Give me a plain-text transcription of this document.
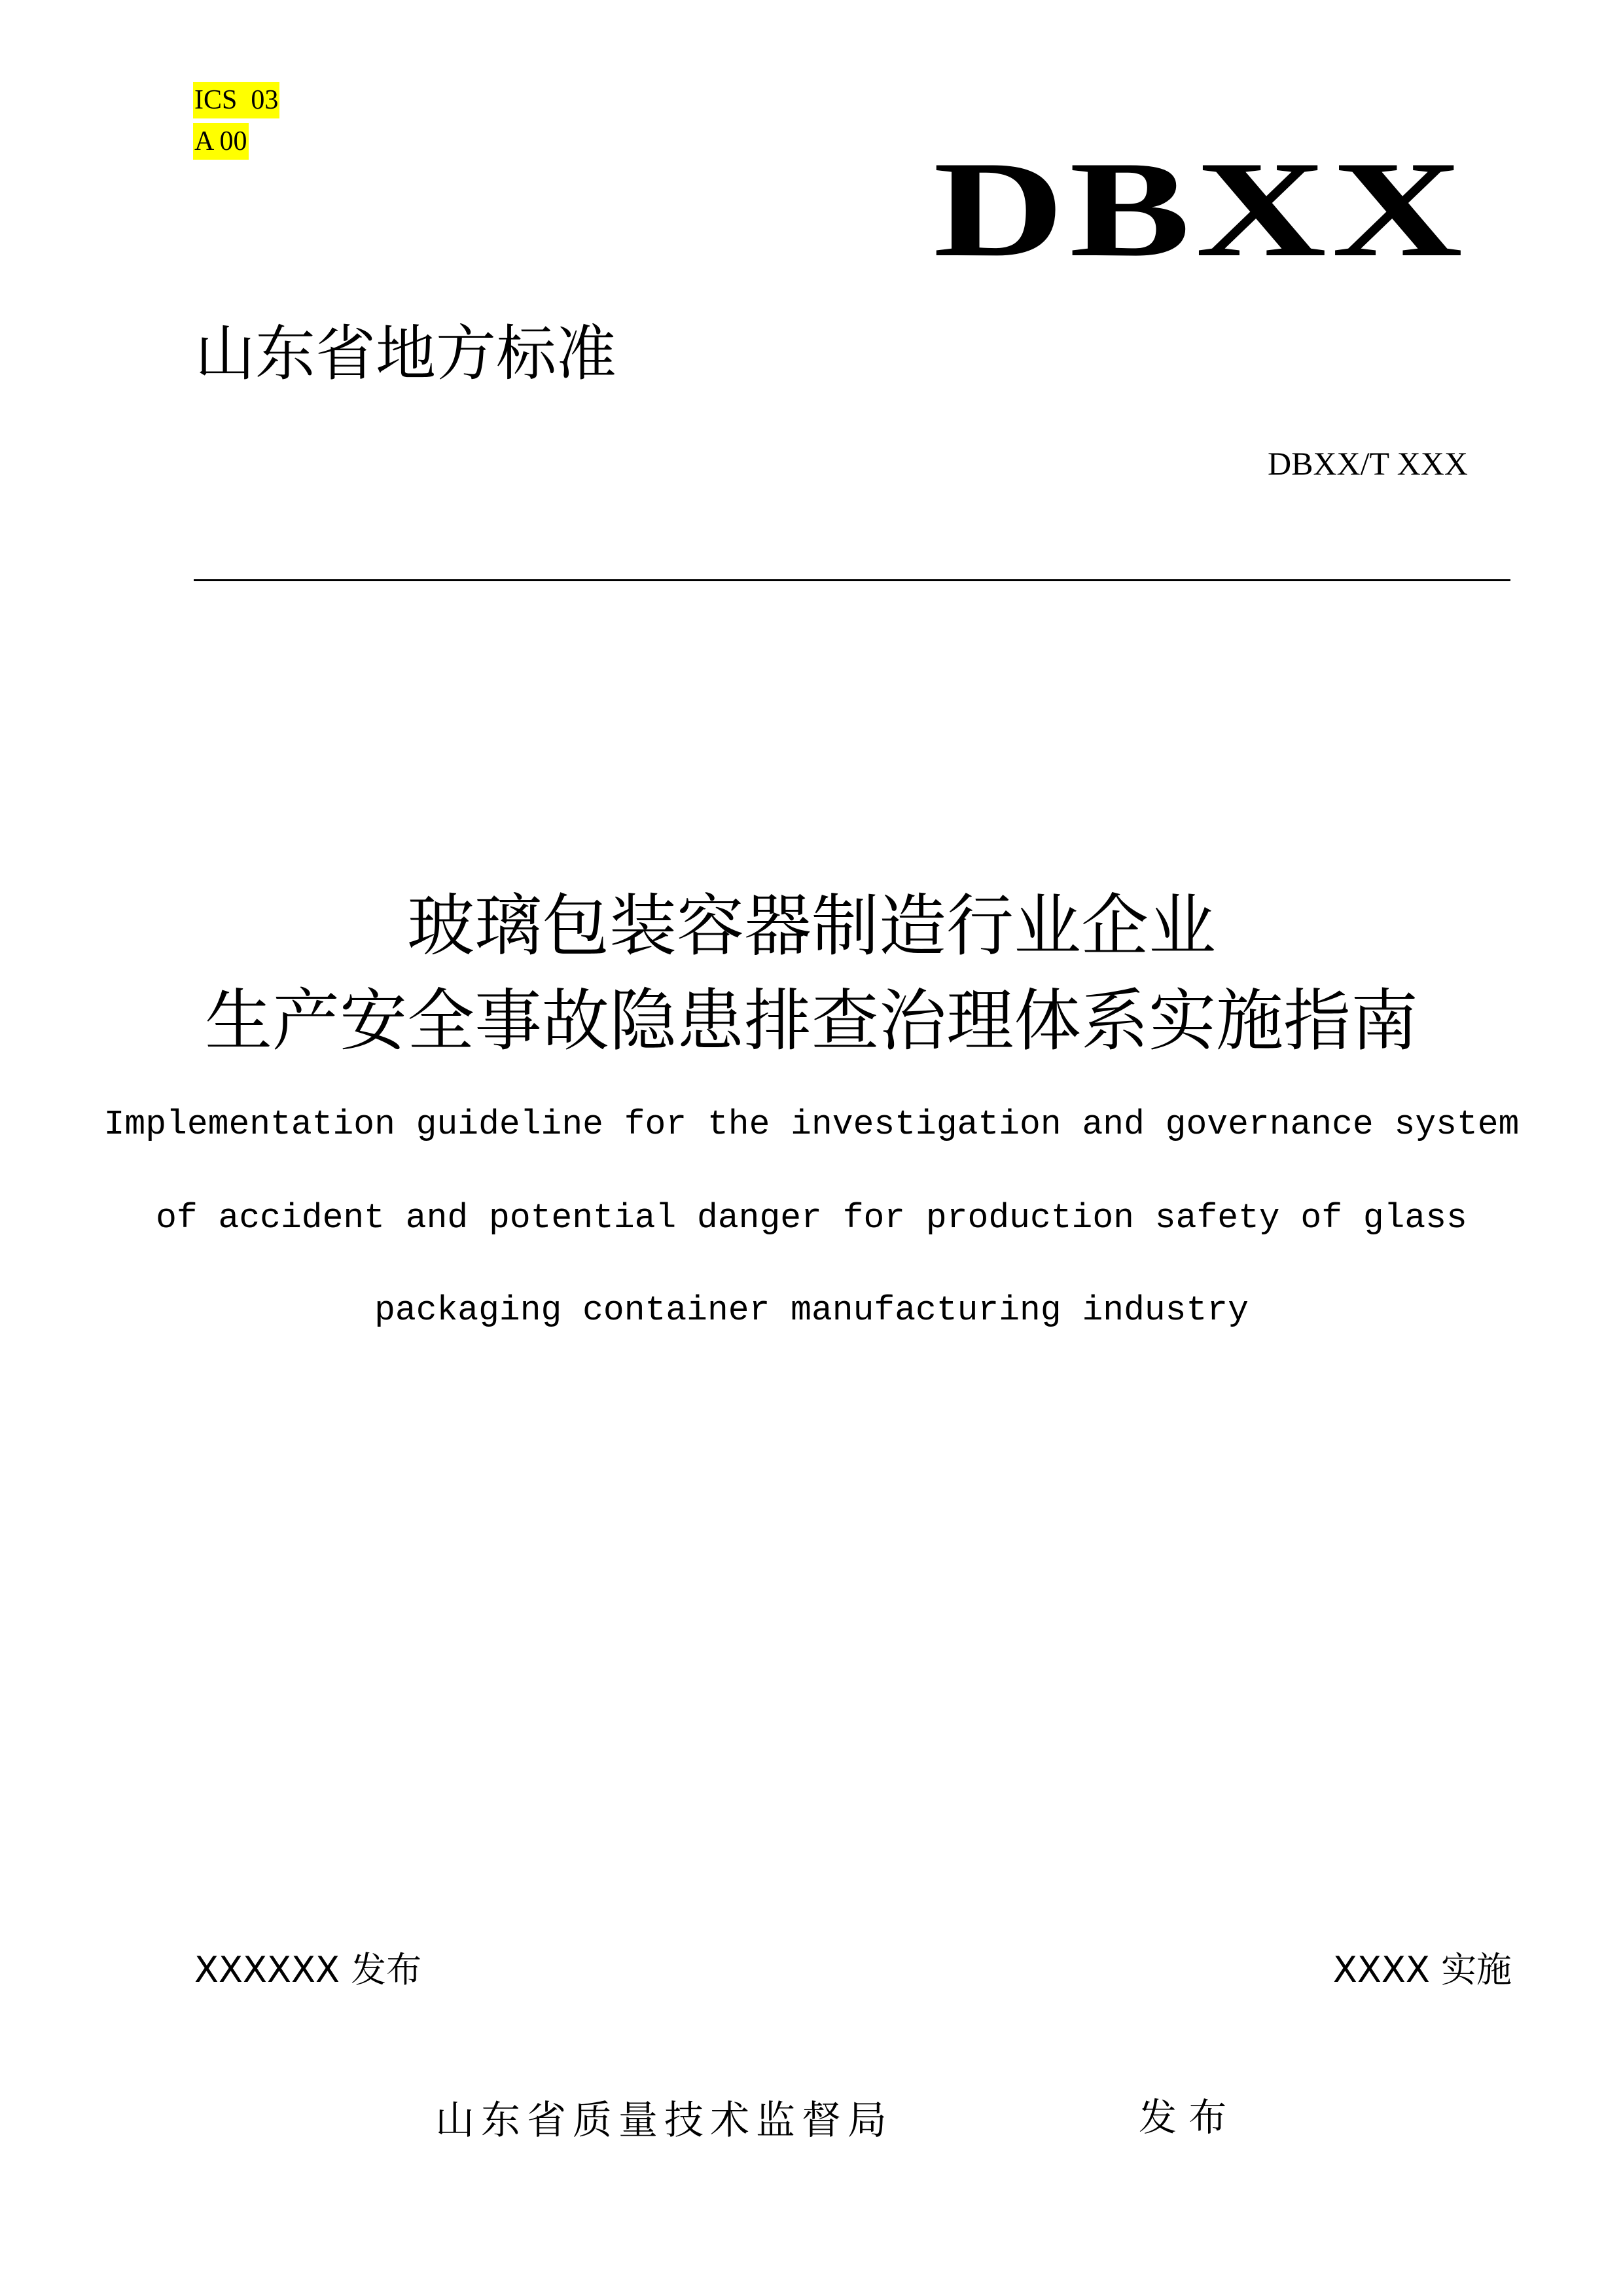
ICS  03
A 00	DBXX
山东省地方标准
DBXX/T XXX
玻璃包装容器制造行业企业
生产安全事故隐患排查治理体系实施指南
Implementation guideline for the investigation and governance system
of accident and potential danger for production safety of glass
packaging container manufacturing industry
XXXXXX 发布	XXXX 实施
山东省质量技术监督局	发 布
